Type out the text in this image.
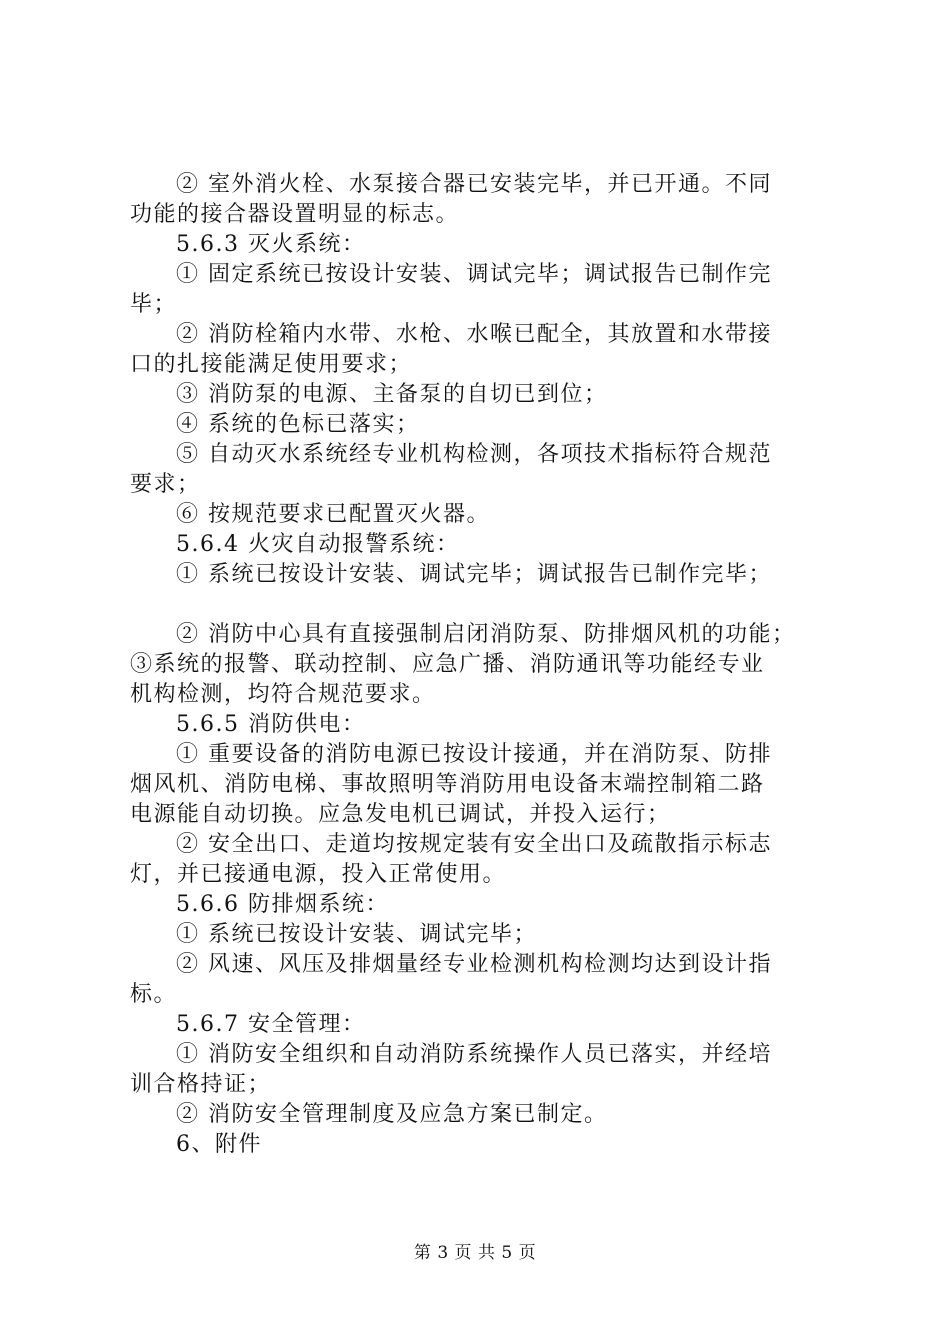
② 室外消火栓、水泵接合器已安装完毕，并已开通。不同
功能的接合器设置明显的标志。
5.6.3 灭火系统：
① 固定系统已按设计安装、调试完毕；调试报告已制作完
毕；
② 消防栓箱内水带、水枪、水喉已配全，其放置和水带接
口的扎接能满足使用要求；
③ 消防泵的电源、主备泵的自切已到位；
④ 系统的色标已落实；
⑤ 自动灭水系统经专业机构检测，各项技术指标符合规范
要求；
⑥ 按规范要求已配置灭火器。
5.6.4 火灾自动报警系统：
① 系统已按设计安装、调试完毕；调试报告已制作完毕；
② 消防中心具有直接强制启闭消防泵、防排烟风机的功能；
③系统的报警、联动控制、应急广播、消防通讯等功能经专业
机构检测，均符合规范要求。
5.6.5 消防供电：
① 重要设备的消防电源已按设计接通，并在消防泵、防排
烟风机、消防电梯、事故照明等消防用电设备末端控制箱二路
电源能自动切换。应急发电机已调试，并投入运行；
② 安全出口、走道均按规定装有安全出口及疏散指示标志
灯，并已接通电源，投入正常使用。
5.6.6 防排烟系统：
① 系统已按设计安装、调试完毕；
② 风速、风压及排烟量经专业检测机构检测均达到设计指
标。
5.6.7 安全管理：
① 消防安全组织和自动消防系统操作人员已落实，并经培
训合格持证；
② 消防安全管理制度及应急方案已制定。
6、附件
第 3 页 共 5 页
